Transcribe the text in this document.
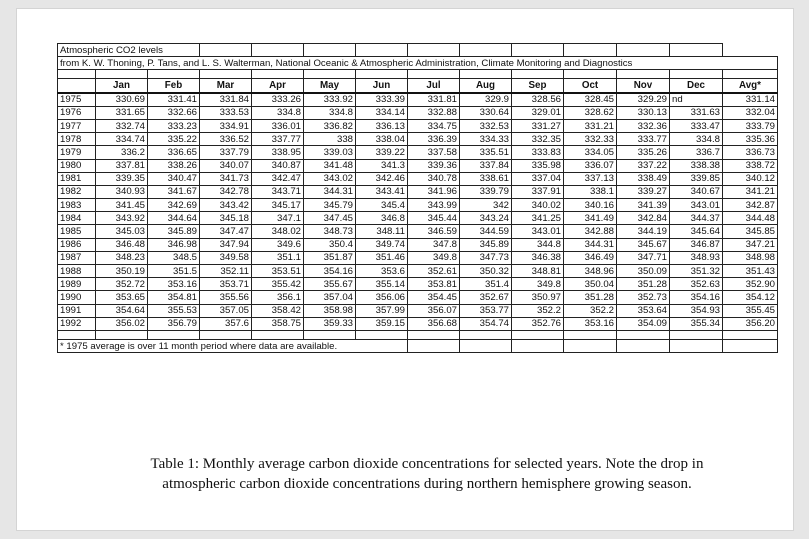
Atmospheric CO2 levels													
from K. W. Thoning, P. Tans, and L. S. Walterman, National Oceanic & Atmospheric Administration, Climate Monitoring and Diagnostics													

	Jan	Feb	Mar	Apr	May	Jun	Jul	Aug	Sep	Oct	Nov	Dec	Avg*
1975	330.69	331.41	331.84	333.26	333.92	333.39	331.81	329.9	328.56	328.45	329.29	nd	331.14
1976	331.65	332.66	333.53	334.8	334.8	334.14	332.88	330.64	329.01	328.62	330.13	331.63	332.04
1977	332.74	333.23	334.91	336.01	336.82	336.13	334.75	332.53	331.27	331.21	332.36	333.47	333.79
1978	334.74	335.22	336.52	337.77	338	338.04	336.39	334.33	332.35	332.33	333.77	334.8	335.36
1979	336.2	336.65	337.79	338.95	339.03	339.22	337.58	335.51	333.83	334.05	335.26	336.7	336.73
1980	337.81	338.26	340.07	340.87	341.48	341.3	339.36	337.84	335.98	336.07	337.22	338.38	338.72
1981	339.35	340.47	341.73	342.47	343.02	342.46	340.78	338.61	337.04	337.13	338.49	339.85	340.12
1982	340.93	341.67	342.78	343.71	344.31	343.41	341.96	339.79	337.91	338.1	339.27	340.67	341.21
1983	341.45	342.69	343.42	345.17	345.79	345.4	343.99	342	340.02	340.16	341.39	343.01	342.87
1984	343.92	344.64	345.18	347.1	347.45	346.8	345.44	343.24	341.25	341.49	342.84	344.37	344.48
1985	345.03	345.89	347.47	348.02	348.73	348.11	346.59	344.59	343.01	342.88	344.19	345.64	345.85
1986	346.48	346.98	347.94	349.6	350.4	349.74	347.8	345.89	344.8	344.31	345.67	346.87	347.21
1987	348.23	348.5	349.58	351.1	351.87	351.46	349.8	347.73	346.38	346.49	347.71	348.93	348.98
1988	350.19	351.5	352.11	353.51	354.16	353.6	352.61	350.32	348.81	348.96	350.09	351.32	351.43
1989	352.72	353.16	353.71	355.42	355.67	355.14	353.81	351.4	349.8	350.04	351.28	352.63	352.90
1990	353.65	354.81	355.56	356.1	357.04	356.06	354.45	352.67	350.97	351.28	352.73	354.16	354.12
1991	354.64	355.53	357.05	358.42	358.98	357.99	356.07	353.77	352.2	352.2	353.64	354.93	355.45
1992	356.02	356.79	357.6	358.75	359.33	359.15	356.68	354.74	352.76	353.16	354.09	355.34	356.20

* 1975 average is over 11 month period where data are available.													
Table 1: Monthly average carbon dioxide concentrations for selected years. Note the drop in atmospheric carbon dioxide concentrations during northern hemisphere growing season.
